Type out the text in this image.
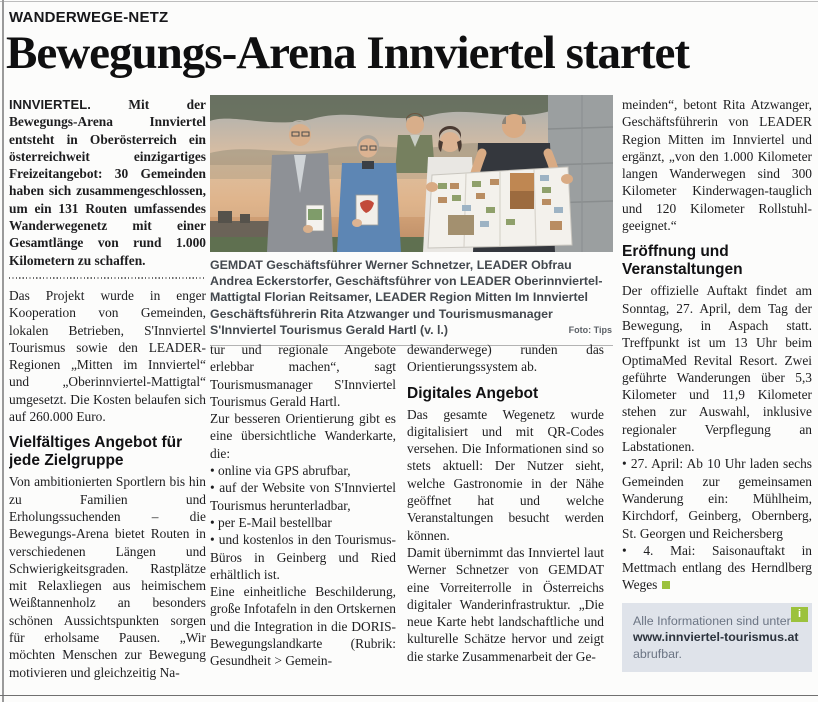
WANDERWEGE-NETZ
Bewegungs-Arena Innviertel startet

INNVIERTEL.	Mit der Bewegungs-Arena Innviertel entsteht in Oberösterreich ein österreichweit einzigartiges Freizeitangebot: 30 Gemeinden haben sich zusammengeschlossen, um ein 131 Routen umfassendes Wanderwegenetz mit einer Gesamtlänge von rund 1.000 Kilometern zu schaffen.

Das Projekt wurde in enger Kooperation von Gemeinden, lokalen Betrieben, S'Innviertel Tourismus sowie den LEADER-Regionen „Mitten im Innviertel“ und „Oberinnviertel-Mattigtal“ umgesetzt. Die Kosten belaufen sich auf 260.000 Euro.

Vielfältiges Angebot für jede Zielgruppe

Von ambitionierten Sportlern bis hin zu Familien und Erholungssuchenden – die Bewegungs-Arena bietet Routen in verschiedenen Längen und Schwierigkeitsgraden. Rastplätze mit Relaxliegen aus heimischem Weißtannenholz an besonders schönen Aussichtspunkten sorgen für erholsame Pausen. „Wir möchten Menschen zur Bewegung motivieren und gleichzeitig Na-

GEMDAT Geschäftsführer Werner Schnetzer, LEADER Obfrau Andrea Eckerstorfer, Geschäftsführer von LEADER Oberinnviertel-Mattigtal Florian Reitsamer, LEADER Region Mitten Im Innviertel Geschäftsführerin Rita Atzwanger und Tourismusmanager S'Innviertel Tourismus Gerald Hartl (v. l.)	Foto: Tips

tur und regionale Angebote erlebbar machen“, sagt Tourismusmanager S'Innviertel Tourismus Gerald Hartl.

Zur besseren Orientierung gibt es eine übersichtliche Wanderkarte, die:

• online via GPS abrufbar,

• auf der Website von S'Innviertel Tourismus herunterladbar,

• per E-Mail bestellbar

• und kostenlos in den Tourismus-Büros in Geinberg und Ried erhältlich ist.

Eine einheitliche Beschilderung, große Infotafeln in den Ortskernen und die Integration in die DORIS-Bewegungslandkarte (Rubrik: Gesundheit > Gemein-

dewanderwege) runden das Orientierungssystem ab.

Digitales Angebot

Das gesamte Wegenetz wurde digitalisiert und mit QR-Codes versehen. Die Informationen sind so stets aktuell: Der Nutzer sieht, welche Gastronomie in der Nähe geöffnet hat und welche Veranstaltungen besucht werden können.

Damit übernimmt das Innviertel laut Werner Schnetzer von GEMDAT eine Vorreiterrolle in Österreichs digitaler Wanderinfrastruktur. „Die neue Karte hebt landschaftliche und kulturelle Schätze hervor und zeigt die starke Zusammenarbeit der Ge-

meinden“, betont Rita Atzwanger, Geschäftsführerin von LEADER Region Mitten im Innviertel und ergänzt, „von den 1.000 Kilometer langen Wanderwegen sind 300 Kilometer Kinderwagen-tauglich und 120 Kilometer Rollstuhl-geeignet.“

Eröffnung und Veranstaltungen

Der offizielle Auftakt findet am Sonntag, 27. April, dem Tag der Bewegung, in Aspach statt. Treffpunkt ist um 13 Uhr beim OptimaMed Revital Resort. Zwei geführte Wanderungen über 5,3 Kilometer und 11,9 Kilometer stehen zur Auswahl, inklusive regionaler Verpflegung an Labstationen.

• 27. April: Ab 10 Uhr laden sechs Gemeinden zur gemeinsamen Wanderung ein: Mühlheim, Kirchdorf, Geinberg, Obernberg, St. Georgen und Reichersberg

• 4. Mai: Saisonauftakt in Mettmach entlang des Herndlberg Weges

i
Alle Informationen sind unter
www.innviertel-tourismus.at
abrufbar.
